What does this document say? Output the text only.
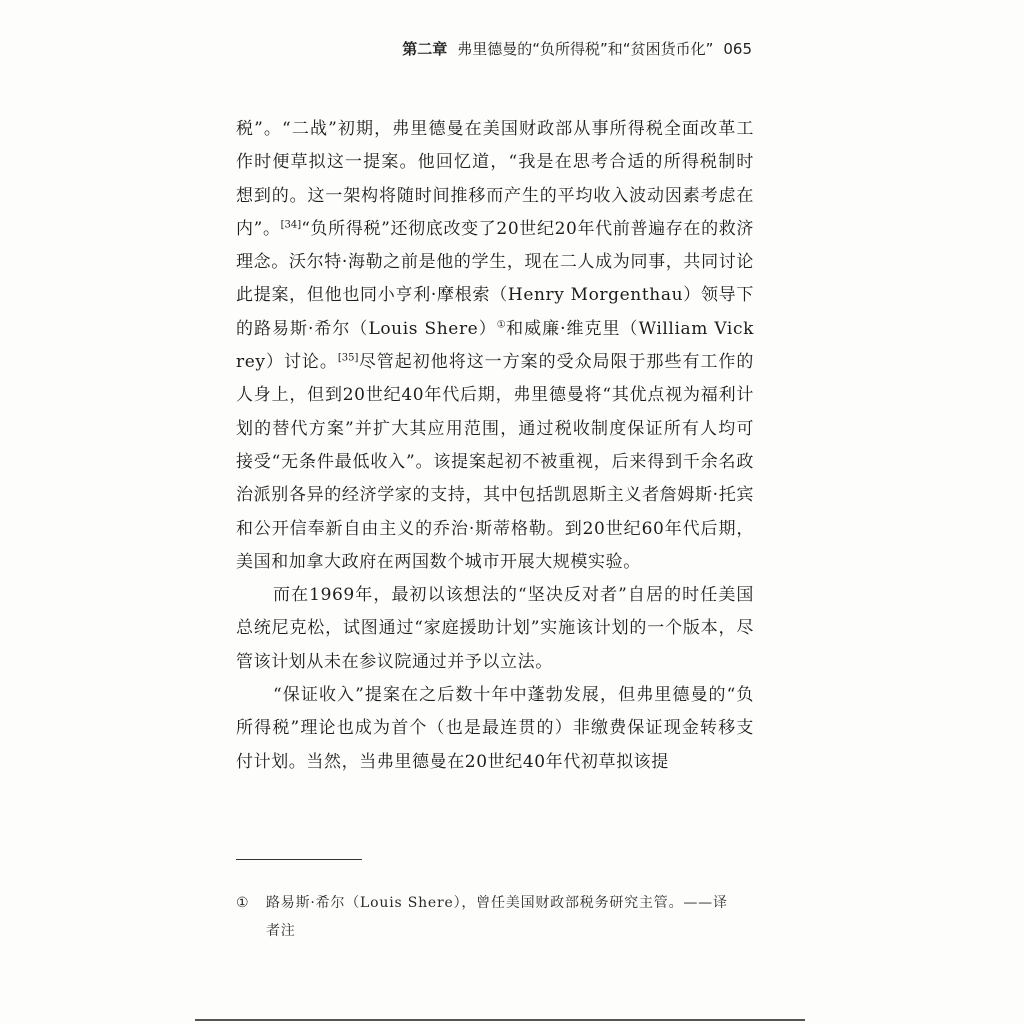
第二章 弗里德曼的“负所得税”和“贫困货币化” 065

税”。“二战”初期，弗里德曼在美国财政部从事所得税全面改革工作时便草拟这一提案。他回忆道，“我是在思考合适的所得税制时想到的。这一架构将随时间推移而产生的平均收入波动因素考虑在内”。[34]“负所得税”还彻底改变了20世纪20年代前普遍存在的救济理念。沃尔特·海勒之前是他的学生，现在二人成为同事，共同讨论此提案，但他也同小亨利·摩根索（Henry Morgenthau）领导下的路易斯·希尔（Louis Shere）①和威廉·维克里（William Vickrey）讨论。[35]尽管起初他将这一方案的受众局限于那些有工作的人身上，但到20世纪40年代后期，弗里德曼将“其优点视为福利计划的替代方案”并扩大其应用范围，通过税收制度保证所有人均可接受“无条件最低收入”。该提案起初不被重视，后来得到千余名政治派别各异的经济学家的支持，其中包括凯恩斯主义者詹姆斯·托宾和公开信奉新自由主义的乔治·斯蒂格勒。到20世纪60年代后期，美国和加拿大政府在两国数个城市开展大规模实验。

而在1969年，最初以该想法的“坚决反对者”自居的时任美国总统尼克松，试图通过“家庭援助计划”实施该计划的一个版本，尽管该计划从未在参议院通过并予以立法。

“保证收入”提案在之后数十年中蓬勃发展，但弗里德曼的“负所得税”理论也成为首个（也是最连贯的）非缴费保证现金转移支付计划。当然，当弗里德曼在20世纪40年代初草拟该提

① 路易斯·希尔（Louis Shere），曾任美国财政部税务研究主管。——译
者注
